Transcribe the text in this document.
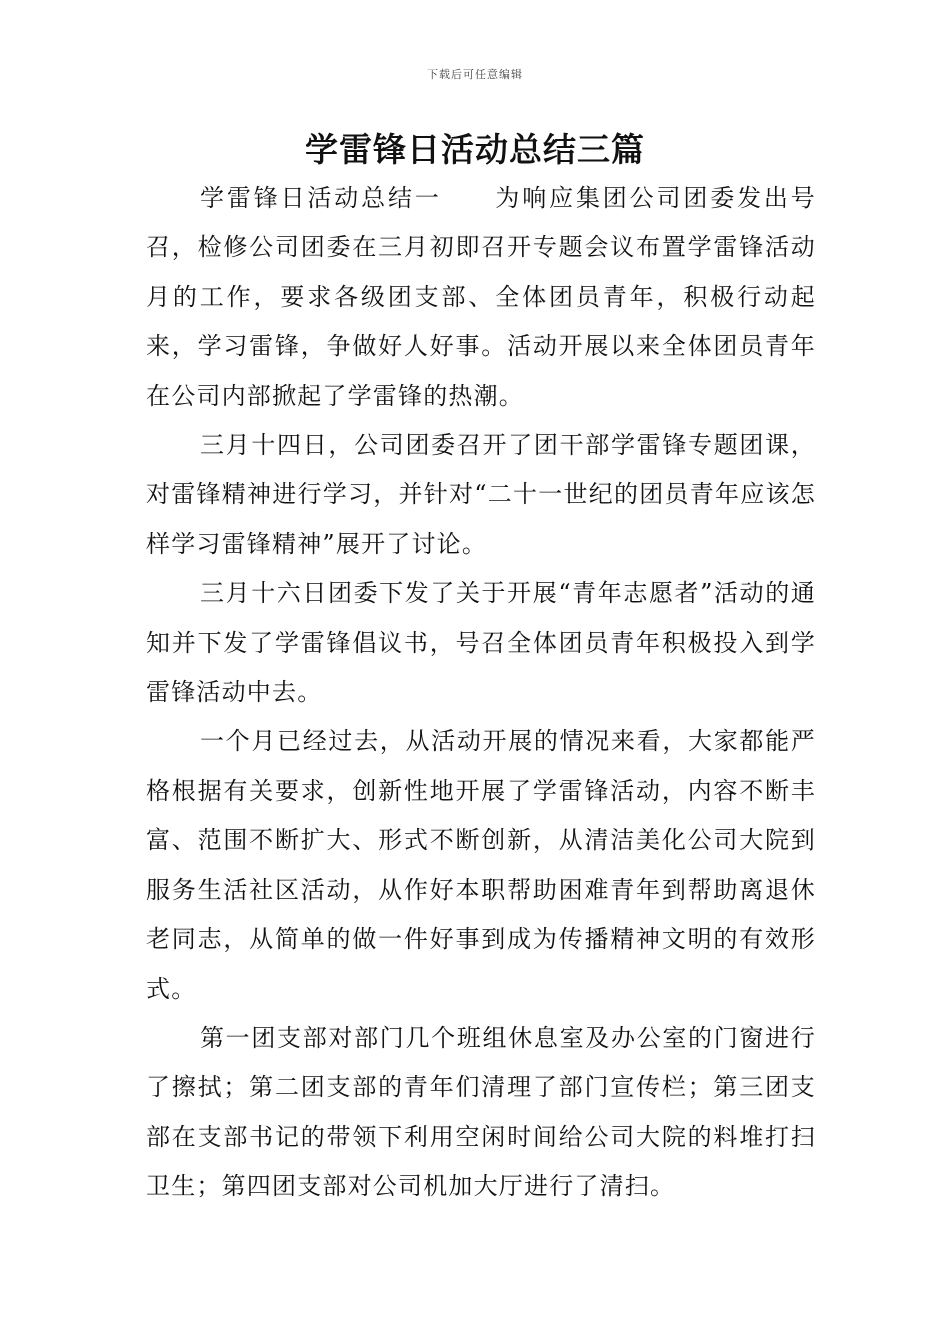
下载后可任意编辑
学雷锋日活动总结三篇

学雷锋日活动总结一 为响应集团公司团委发出号召，检修公司团委在三月初即召开专题会议布置学雷锋活动月的工作，要求各级团支部、全体团员青年，积极行动起来，学习雷锋，争做好人好事。活动开展以来全体团员青年在公司内部掀起了学雷锋的热潮。

三月十四日，公司团委召开了团干部学雷锋专题团课，对雷锋精神进行学习，并针对“二十一世纪的团员青年应该怎样学习雷锋精神”展开了讨论。

三月十六日团委下发了关于开展“青年志愿者”活动的通知并下发了学雷锋倡议书，号召全体团员青年积极投入到学雷锋活动中去。

一个月已经过去，从活动开展的情况来看，大家都能严格根据有关要求，创新性地开展了学雷锋活动，内容不断丰富、范围不断扩大、形式不断创新，从清洁美化公司大院到服务生活社区活动，从作好本职帮助困难青年到帮助离退休老同志，从简单的做一件好事到成为传播精神文明的有效形式。

第一团支部对部门几个班组休息室及办公室的门窗进行了擦拭；第二团支部的青年们清理了部门宣传栏；第三团支部在支部书记的带领下利用空闲时间给公司大院的料堆打扫卫生；第四团支部对公司机加大厅进行了清扫。
